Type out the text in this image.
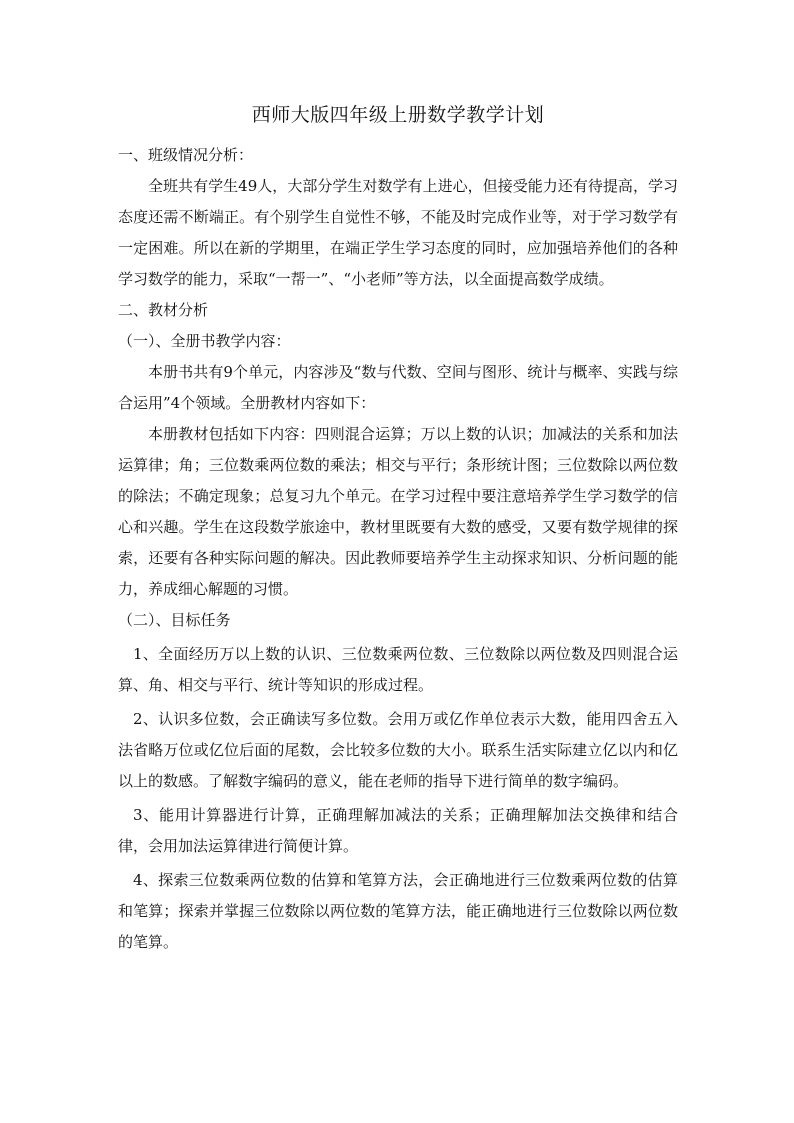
西师大版四年级上册数学教学计划
一、班级情况分析：
全班共有学生49人，大部分学生对数学有上进心，但接受能力还有待提高，学习态度还需不断端正。有个别学生自觉性不够，不能及时完成作业等，对于学习数学有一定困难。所以在新的学期里，在端正学生学习态度的同时，应加强培养他们的各种学习数学的能力，采取“一帮一”、“小老师”等方法，以全面提高数学成绩。
二、教材分析
（一）、全册书教学内容：
本册书共有9个单元，内容涉及“数与代数、空间与图形、统计与概率、实践与综合运用”4个领域。全册教材内容如下：
本册教材包括如下内容：四则混合运算；万以上数的认识；加减法的关系和加法运算律；角；三位数乘两位数的乘法；相交与平行；条形统计图；三位数除以两位数的除法；不确定现象；总复习九个单元。在学习过程中要注意培养学生学习数学的信心和兴趣。学生在这段数学旅途中，教材里既要有大数的感受，又要有数学规律的探索，还要有各种实际问题的解决。因此教师要培养学生主动探求知识、分析问题的能力，养成细心解题的习惯。
（二）、目标任务
1、全面经历万以上数的认识、三位数乘两位数、三位数除以两位数及四则混合运算、角、相交与平行、统计等知识的形成过程。
2、认识多位数，会正确读写多位数。会用万或亿作单位表示大数，能用四舍五入法省略万位或亿位后面的尾数，会比较多位数的大小。联系生活实际建立亿以内和亿以上的数感。了解数字编码的意义，能在老师的指导下进行简单的数字编码。
3、能用计算器进行计算，正确理解加减法的关系；正确理解加法交换律和结合律，会用加法运算律进行简便计算。
4、探索三位数乘两位数的估算和笔算方法，会正确地进行三位数乘两位数的估算和笔算；探索并掌握三位数除以两位数的笔算方法，能正确地进行三位数除以两位数的笔算。
